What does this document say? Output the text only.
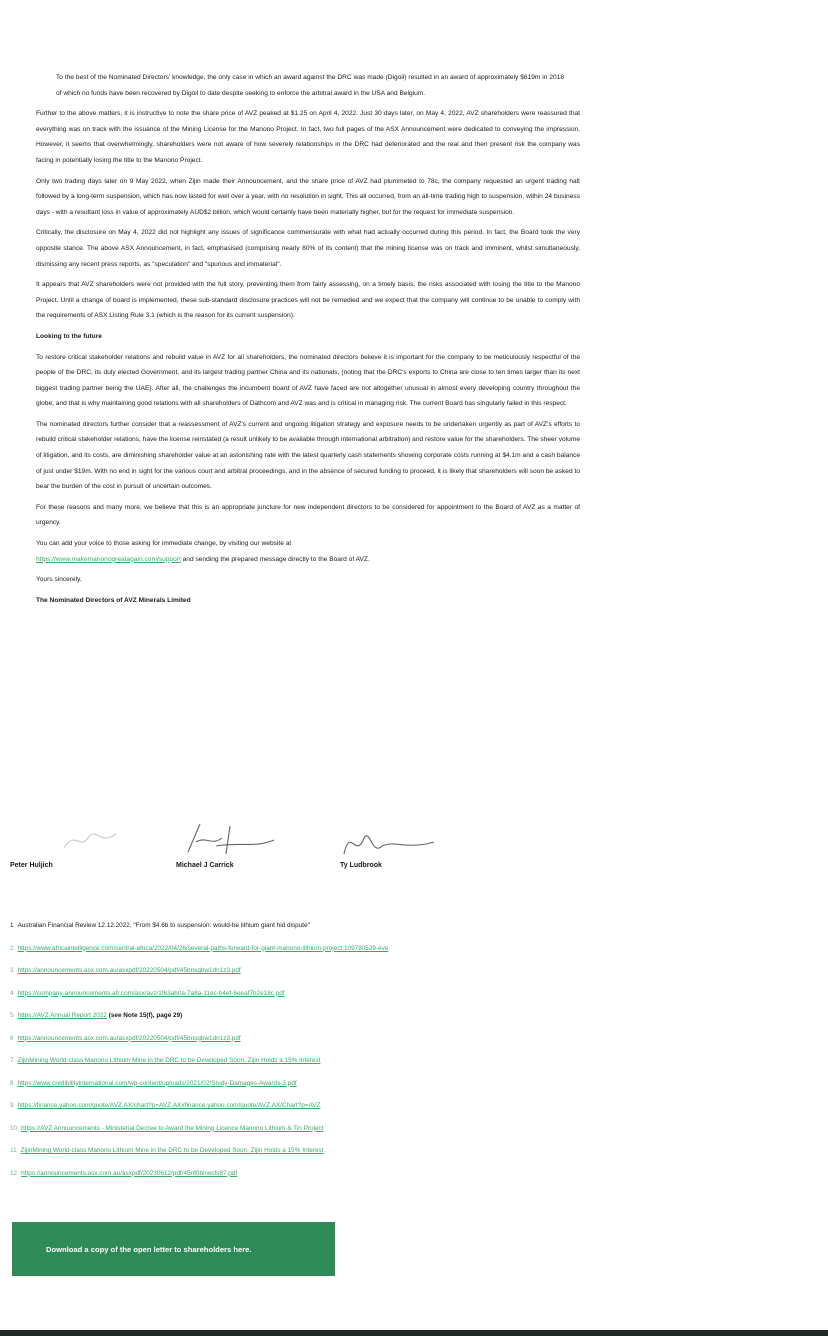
To the best of the Nominated Directors' knowledge, the only case in which an award against the DRC was made (Digoil) resulted in an award of approximately $619m in 2018 of which no funds have been recovered by Digoil to date despite seeking to enforce the arbitral award in the USA and Belgium.

Further to the above matters, it is instructive to note the share price of AVZ peaked at $1.25 on April 4, 2022. Just 30 days later, on May 4, 2022, AVZ shareholders were reassured that everything was on track with the issuance of the Mining License for the Manono Project. In fact, two full pages of the ASX Announcement were dedicated to conveying the impression. However, it seems that overwhelmingly, shareholders were not aware of how severely relationships in the DRC had deteriorated and the real and then present risk the company was facing in potentially losing the title to the Manono Project.

Only two trading days later on 9 May 2022, when Zijin made their Announcement, and the share price of AVZ had plummeted to 78c, the company requested an urgent trading halt followed by a long-term suspension, which has now lasted for well over a year, with no resolution in sight. This all occurred, from an all-time trading high to suspension, within 24 business days - with a resultant loss in value of approximately AUD$2 billion, which would certainly have been materially higher, but for the request for immediate suspension.

Critically, the disclosure on May 4, 2022 did not highlight any issues of significance commensurate with what had actually occurred during this period. In fact, the Board took the very opposite stance. The above ASX Announcement, in fact, emphasised (comprising nearly 80% of its content) that the mining license was on track and imminent, whilst simultaneously, dismissing any recent press reports, as "speculation" and "spurious and immaterial".

It appears that AVZ shareholders were not provided with the full story, preventing them from fairly assessing, on a timely basis, the risks associated with losing the title to the Manono Project. Until a change of board is implemented, these sub-standard disclosure practices will not be remedied and we expect that the company will continue to be unable to comply with the requirements of ASX Listing Rule 3.1 (which is the reason for its current suspension).

Looking to the future

To restore critical stakeholder relations and rebuild value in AVZ for all shareholders, the nominated directors believe it is important for the company to be meticulously respectful of the people of the DRC, its duly elected Government, and its largest trading partner China and its nationals, (noting that the DRC's exports to China are close to ten times larger than its next biggest trading partner being the UAE). After all, the challenges the incumbent board of AVZ have faced are not altogether unusual in almost every developing country throughout the globe, and that is why maintaining good relations with all shareholders of Dathcom and AVZ was and is critical in managing risk. The current Board has singularly failed in this respect.

The nominated directors further consider that a reassessment of AVZ's current and ongoing litigation strategy and exposure needs to be undertaken urgently as part of AVZ's efforts to rebuild critical stakeholder relations, have the license reinstated (a result unlikely to be available through international arbitration) and restore value for the shareholders. The sheer volume of litigation, and its costs, are diminishing shareholder value at an astonishing rate with the latest quarterly cash statements showing corporate costs running at $4.1m and a cash balance of just under $19m. With no end in sight for the various court and arbitral proceedings, and in the absence of secured funding to proceed, it is likely that shareholders will soon be asked to bear the burden of the cost in pursuit of uncertain outcomes.

For these reasons and many more, we believe that this is an appropriate juncture for new independent directors to be considered for appointment to the Board of AVZ as a matter of urgency.

You can add your voice to those asking for immediate change, by visiting our website at
https://www.makemanonogreatagain.com/support and sending the prepared message directly to the Board of AVZ.

Yours sincerely,

The Nominated Directors of AVZ Minerals Limited

Peter Huljich	Michael J Carrick	Ty Ludbrook
1 Australian Financial Review 12.12.2022, "From $4.6b to suspension: would-be lithium giant hid dispute"
2 https://www.africaintelligence.com/central-africa/2022/04/26/several-paths-forward-for-giant-manono-lithium-project,109780529-eve
3 https://announcements.asx.com.au/asxpdf/20220504/pdf/45bnsgbw1dn1z3.pdf
4 https://company-announcements.afr.com/asx/avz/1f63ab0a-7a8a-11ec-b4ef-6eeaf7b2e18c.pdf
5 https://AVZ Annual Report 2022 (see Note 15(f), page 29)
6 https://announcements.asx.com.au/asxpdf/20220504/pdf/45bnsgbw1dn1z3.pdf
7 ZijinMining World-class Manono Lithium Mine in the DRC to be Developed Soon, Zijin Holds a 15% Interest
8 https://www.credibilityinternational.com/wp-content/uploads/2021/02/Study-Damages-Awards-3.pdf
9 https://finance.yahoo.com/quote/AVZ.AX/chart?p=AVZ.AX#finance.yahoo.com/quote/AVZ.AX/Chart?p=AVZ
10 https://AVZ Announcements - Ministerial Decree to Award the Mining Licence Manono Lithium & Tin Project
11 ZijinMining World-class Manono Lithium Mine in the DRC to be Developed Soon, Zijin Holds a 15% Interest
12 https://announcements.asx.com.au/asxpdf/20230612/pdf/45nf0bnwsfs87.pdf
Download a copy of the open letter to shareholders here.
